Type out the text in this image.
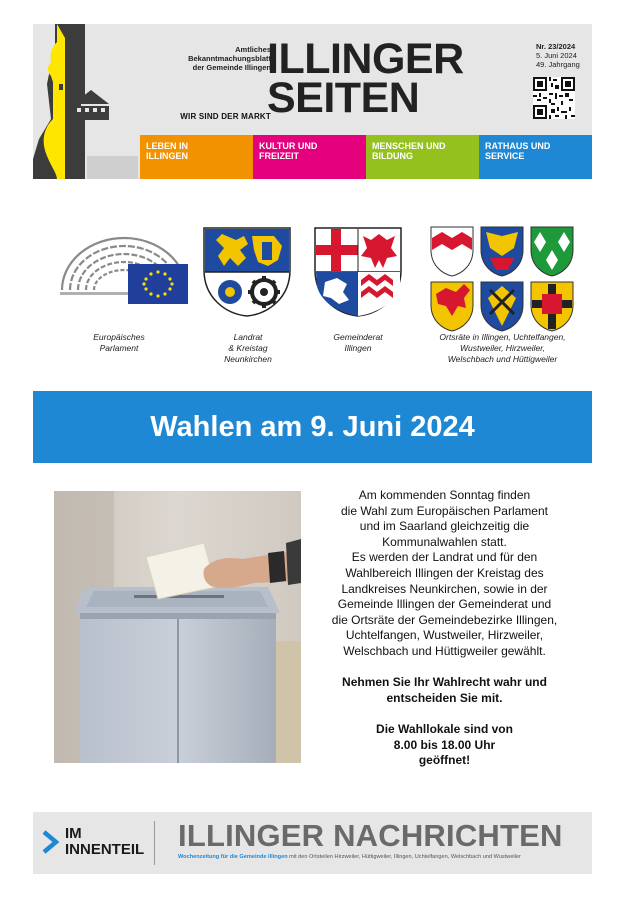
Amtliches
Bekanntmachungsblatt
der Gemeinde Illingen
WIR SIND DER MARKT
ILLINGER
SEITEN
Nr. 23/2024
5. Juni 2024
49. Jahrgang
LEBEN IN
ILLINGEN
KULTUR UND
FREIZEIT
MENSCHEN UND
BILDUNG
RATHAUS UND
SERVICE
Europäisches
Parlament
Landrat
& Kreistag
Neunkirchen
Gemeinderat
Illingen
Ortsräte in Illingen, Uchtelfangen,
Wustweiler, Hirzweiler,
Welschbach und Hüttigweiler
Wahlen am 9. Juni 2024
Am kommenden Sonntag finden
die Wahl zum Europäischen Parlament
und im Saarland gleichzeitig die
Kommunalwahlen statt.
Es werden der Landrat und für den
Wahlbereich Illingen der Kreistag des
Landkreises Neunkirchen, sowie in der
Gemeinde Illingen der Gemeinderat und
die Ortsräte der Gemeindebezirke Illingen,
Uchtelfangen, Wustweiler, Hirzweiler,
Welschbach und Hüttigweiler gewählt.
Nehmen Sie Ihr Wahlrecht wahr und
entscheiden Sie mit.
Die Wahllokale sind von
8.00 bis 18.00 Uhr
geöffnet!
IM
INNENTEIL ILLINGER NACHRICHTEN
Wochenzeitung für die Gemeinde Illingen mit den Ortsteilen Hirzweiler, Hüttigweiler, Illingen, Uchtelfangen, Welschbach und Wustweiler
